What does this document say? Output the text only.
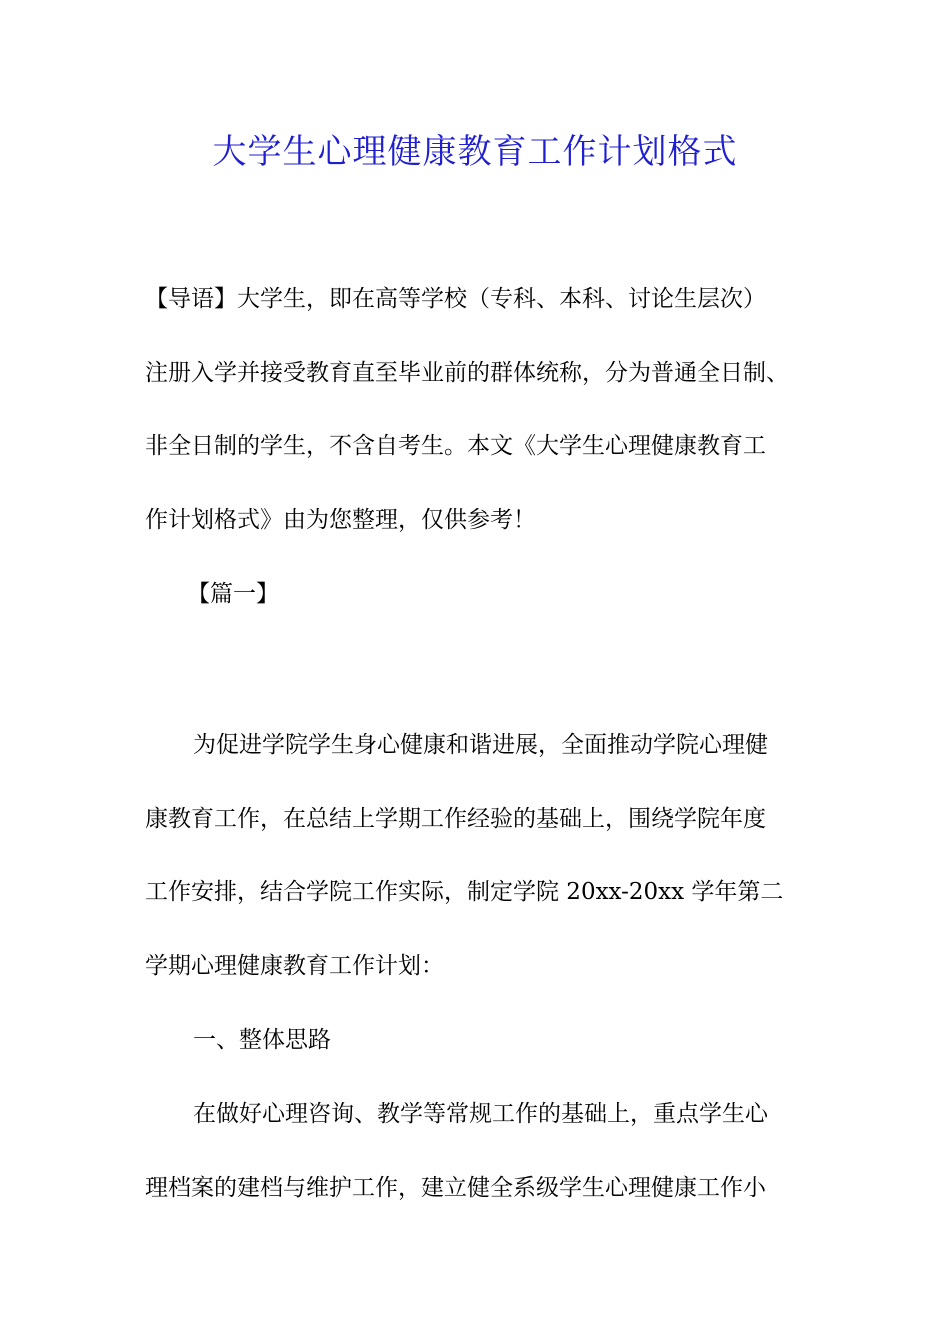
大学生心理健康教育工作计划格式
【导语】大学生，即在高等学校（专科、本科、讨论生层次）
注册入学并接受教育直至毕业前的群体统称，分为普通全日制、
非全日制的学生，不含自考生。本文《大学生心理健康教育工
作计划格式》由为您整理，仅供参考！
【篇一】
为促进学院学生身心健康和谐进展，全面推动学院心理健
康教育工作，在总结上学期工作经验的基础上，围绕学院年度
工作安排，结合学院工作实际，制定学院 20xx-20xx 学年第二
学期心理健康教育工作计划：
一、整体思路
在做好心理咨询、教学等常规工作的基础上，重点学生心
理档案的建档与维护工作，建立健全系级学生心理健康工作小
